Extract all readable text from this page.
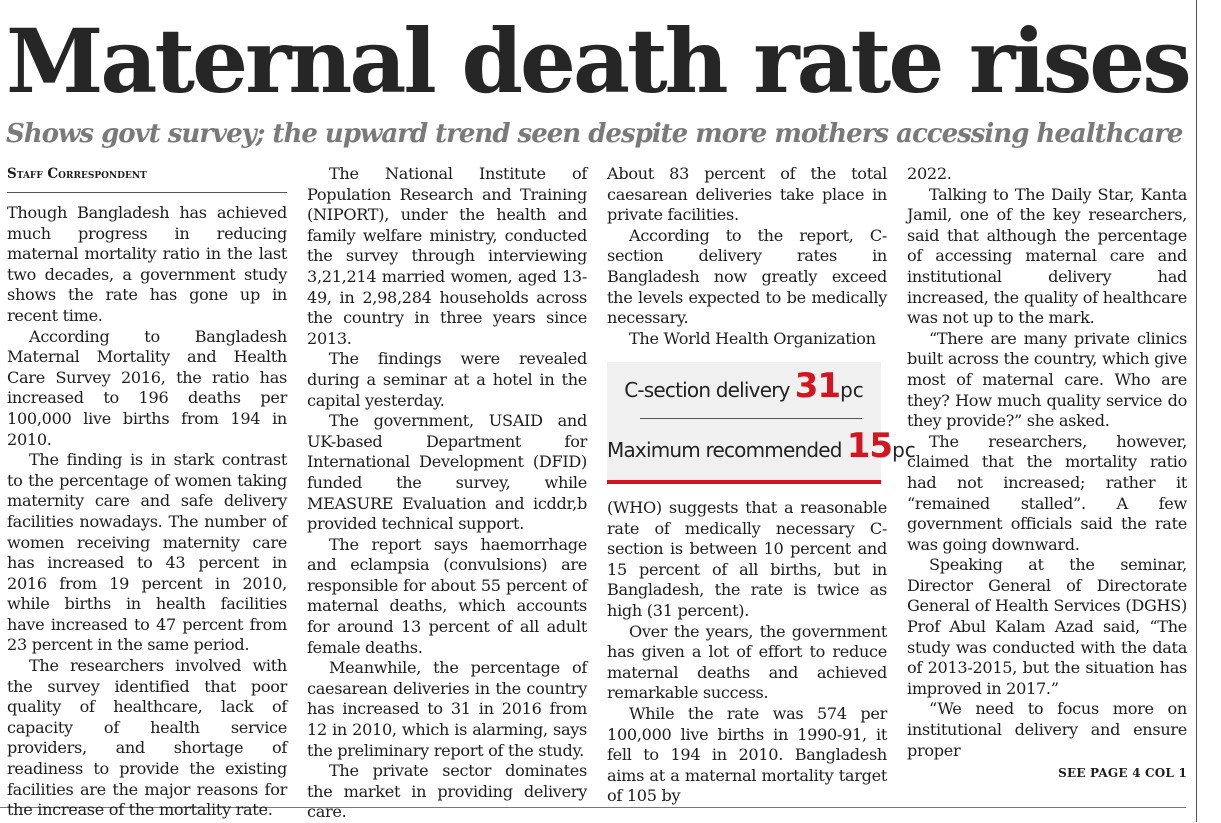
Maternal death rate rises
Shows govt survey; the upward trend seen despite more mothers accessing healthcare
Staff Correspondent

Though Bangladesh has achieved much progress in reducing maternal mortality ratio in the last two decades, a government study shows the rate has gone up in recent time.

According to Bangladesh Maternal Mortality and Health Care Survey 2016, the ratio has increased to 196 deaths per 100,000 live births from 194 in 2010.

The finding is in stark contrast to the percentage of women taking maternity care and safe delivery facilities nowadays. The number of women receiving maternity care has increased to 43 percent in 2016 from 19 percent in 2010, while births in health facilities have increased to 47 percent from 23 percent in the same period.

The researchers involved with the survey identified that poor quality of healthcare, lack of capacity of health service providers, and shortage of readiness to provide the existing facilities are the major reasons for the increase of the mortality rate.

The National Institute of Population Research and Training (NIPORT), under the health and family welfare ministry, conducted the survey through interviewing 3,21,214 married women, aged 13-49, in 2,98,284 households across the country in three years since 2013.

The findings were revealed during a seminar at a hotel in the capital yesterday.

The government, USAID and UK-based Department for International Development (DFID) funded the survey, while MEASURE Evaluation and icddr,b provided technical support.

The report says haemorrhage and eclampsia (convulsions) are responsible for about 55 percent of maternal deaths, which accounts for around 13 percent of all adult female deaths.

Meanwhile, the percentage of caesarean deliveries in the country has increased to 31 in 2016 from 12 in 2010, which is alarming, says the preliminary report of the study.

The private sector dominates the market in providing delivery care.

About 83 percent of the total caesarean deliveries take place in private facilities.

According to the report, C-section delivery rates in Bangladesh now greatly exceed the levels expected to be medically necessary.

The World Health Organization

C-section delivery 31pc
Maximum recommended 15pc

(WHO) suggests that a reasonable rate of medically necessary C-section is between 10 percent and 15 percent of all births, but in Bangladesh, the rate is twice as high (31 percent).

Over the years, the government has given a lot of effort to reduce maternal deaths and achieved remarkable success.

While the rate was 574 per 100,000 live births in 1990-91, it fell to 194 in 2010. Bangladesh aims at a maternal mortality target of 105 by

2022.

Talking to The Daily Star, Kanta Jamil, one of the key researchers, said that although the percentage of accessing maternal care and institutional delivery had increased, the quality of healthcare was not up to the mark.

“There are many private clinics built across the country, which give most of maternal care. Who are they? How much quality service do they provide?” she asked.

The researchers, however, claimed that the mortality ratio had not increased; rather it “remained stalled”. A few government officials said the rate was going downward.

Speaking at the seminar, Director General of Directorate General of Health Services (DGHS) Prof Abul Kalam Azad said, “The study was conducted with the data of 2013-2015, but the situation has improved in 2017.”

“We need to focus more on institutional delivery and ensure proper

SEE PAGE 4 COL 1
